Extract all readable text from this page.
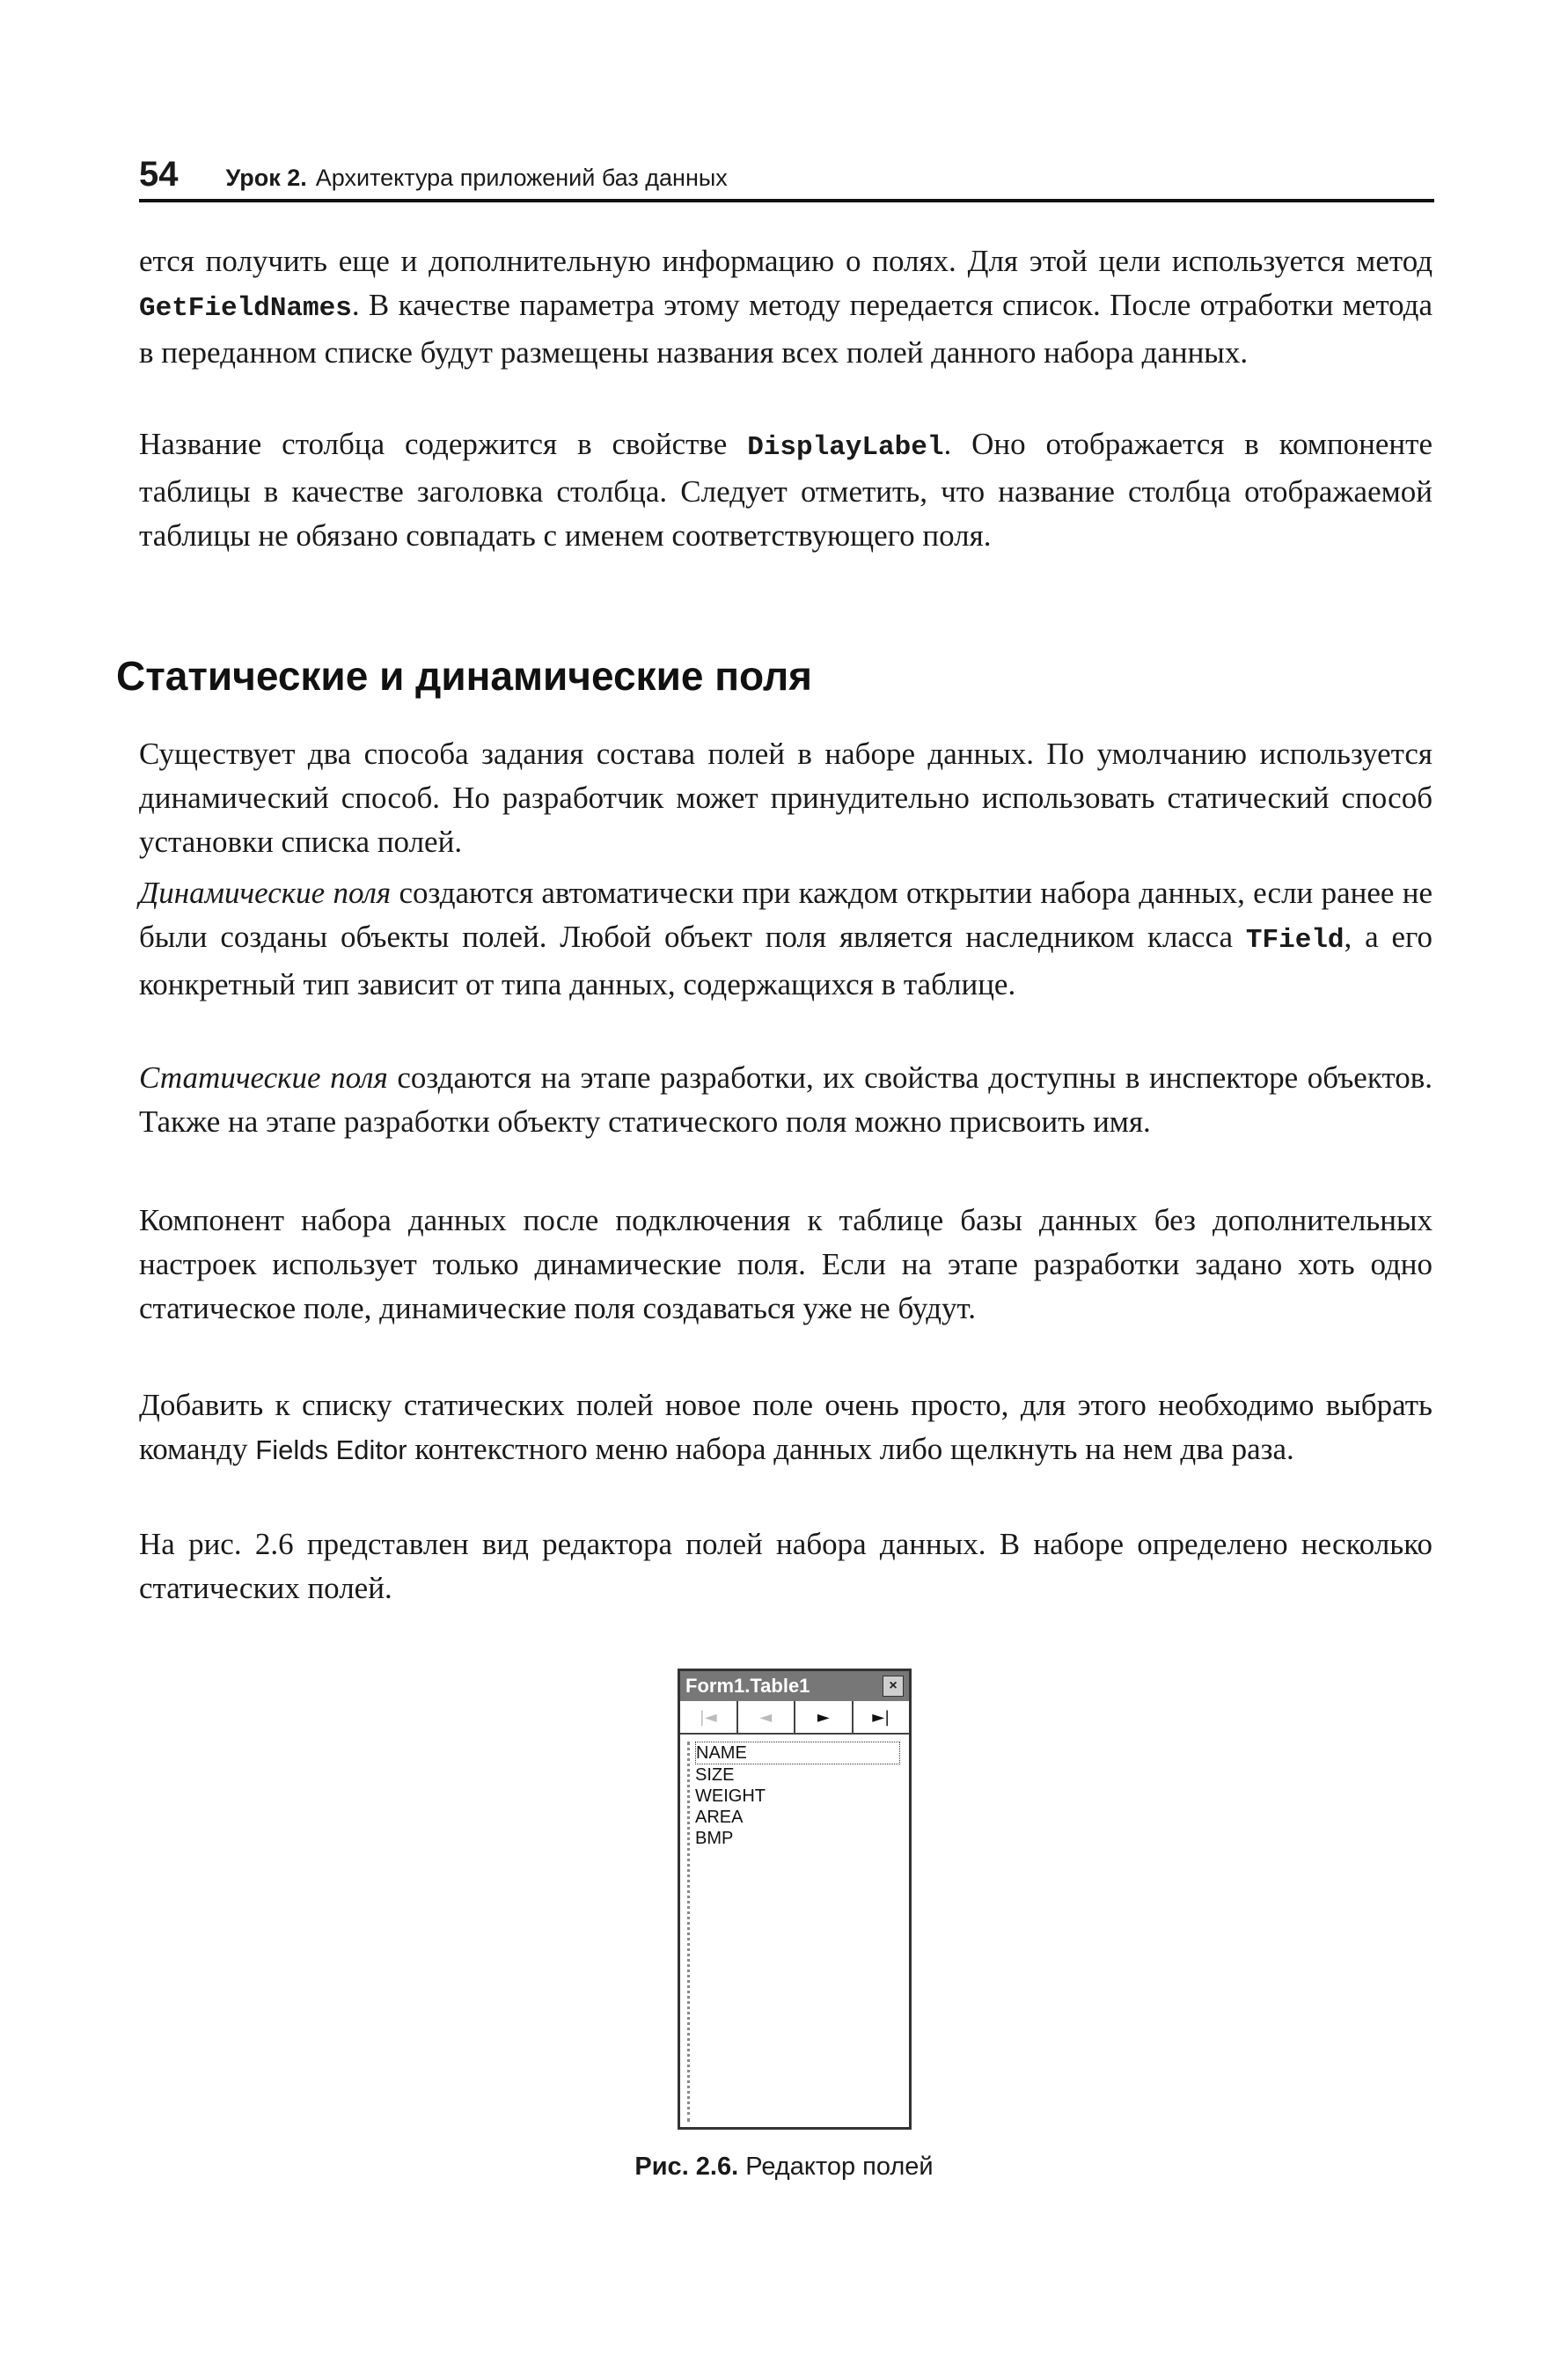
54 Урок 2. Архитектура приложений баз данных

ется получить еще и дополнительную информацию о полях. Для этой цели используется метод GetFieldNames. В качестве параметра этому методу передается список. После отработки метода в переданном списке будут размещены названия всех полей данного набора данных.

Название столбца содержится в свойстве DisplayLabel. Оно отображается в компоненте таблицы в качестве заголовка столбца. Следует отметить, что название столбца отображаемой таблицы не обязано совпадать с именем соответствующего поля.

Статические и динамические поля

Существует два способа задания состава полей в наборе данных. По умолчанию используется динамический способ. Но разработчик может принудительно использовать статический способ установки списка полей.

Динамические поля создаются автоматически при каждом открытии набора данных, если ранее не были созданы объекты полей. Любой объект поля является наследником класса TField, а его конкретный тип зависит от типа данных, содержащихся в таблице.

Статические поля создаются на этапе разработки, их свойства доступны в инспекторе объектов. Также на этапе разработки объекту статического поля можно присвоить имя.

Компонент набора данных после подключения к таблице базы данных без дополнительных настроек использует только динамические поля. Если на этапе разработки задано хоть одно статическое поле, динамические поля создаваться уже не будут.

Добавить к списку статических полей новое поле очень просто, для этого необходимо выбрать команду Fields Editor контекстного меню набора данных либо щелкнуть на нем два раза.

На рис. 2.6 представлен вид редактора полей набора данных. В наборе определено несколько статических полей.

Form1.Table1	×
|◄	◄	►	►|
NAME
SIZE
WEIGHT
AREA
BMP
Рис. 2.6. Редактор полей
